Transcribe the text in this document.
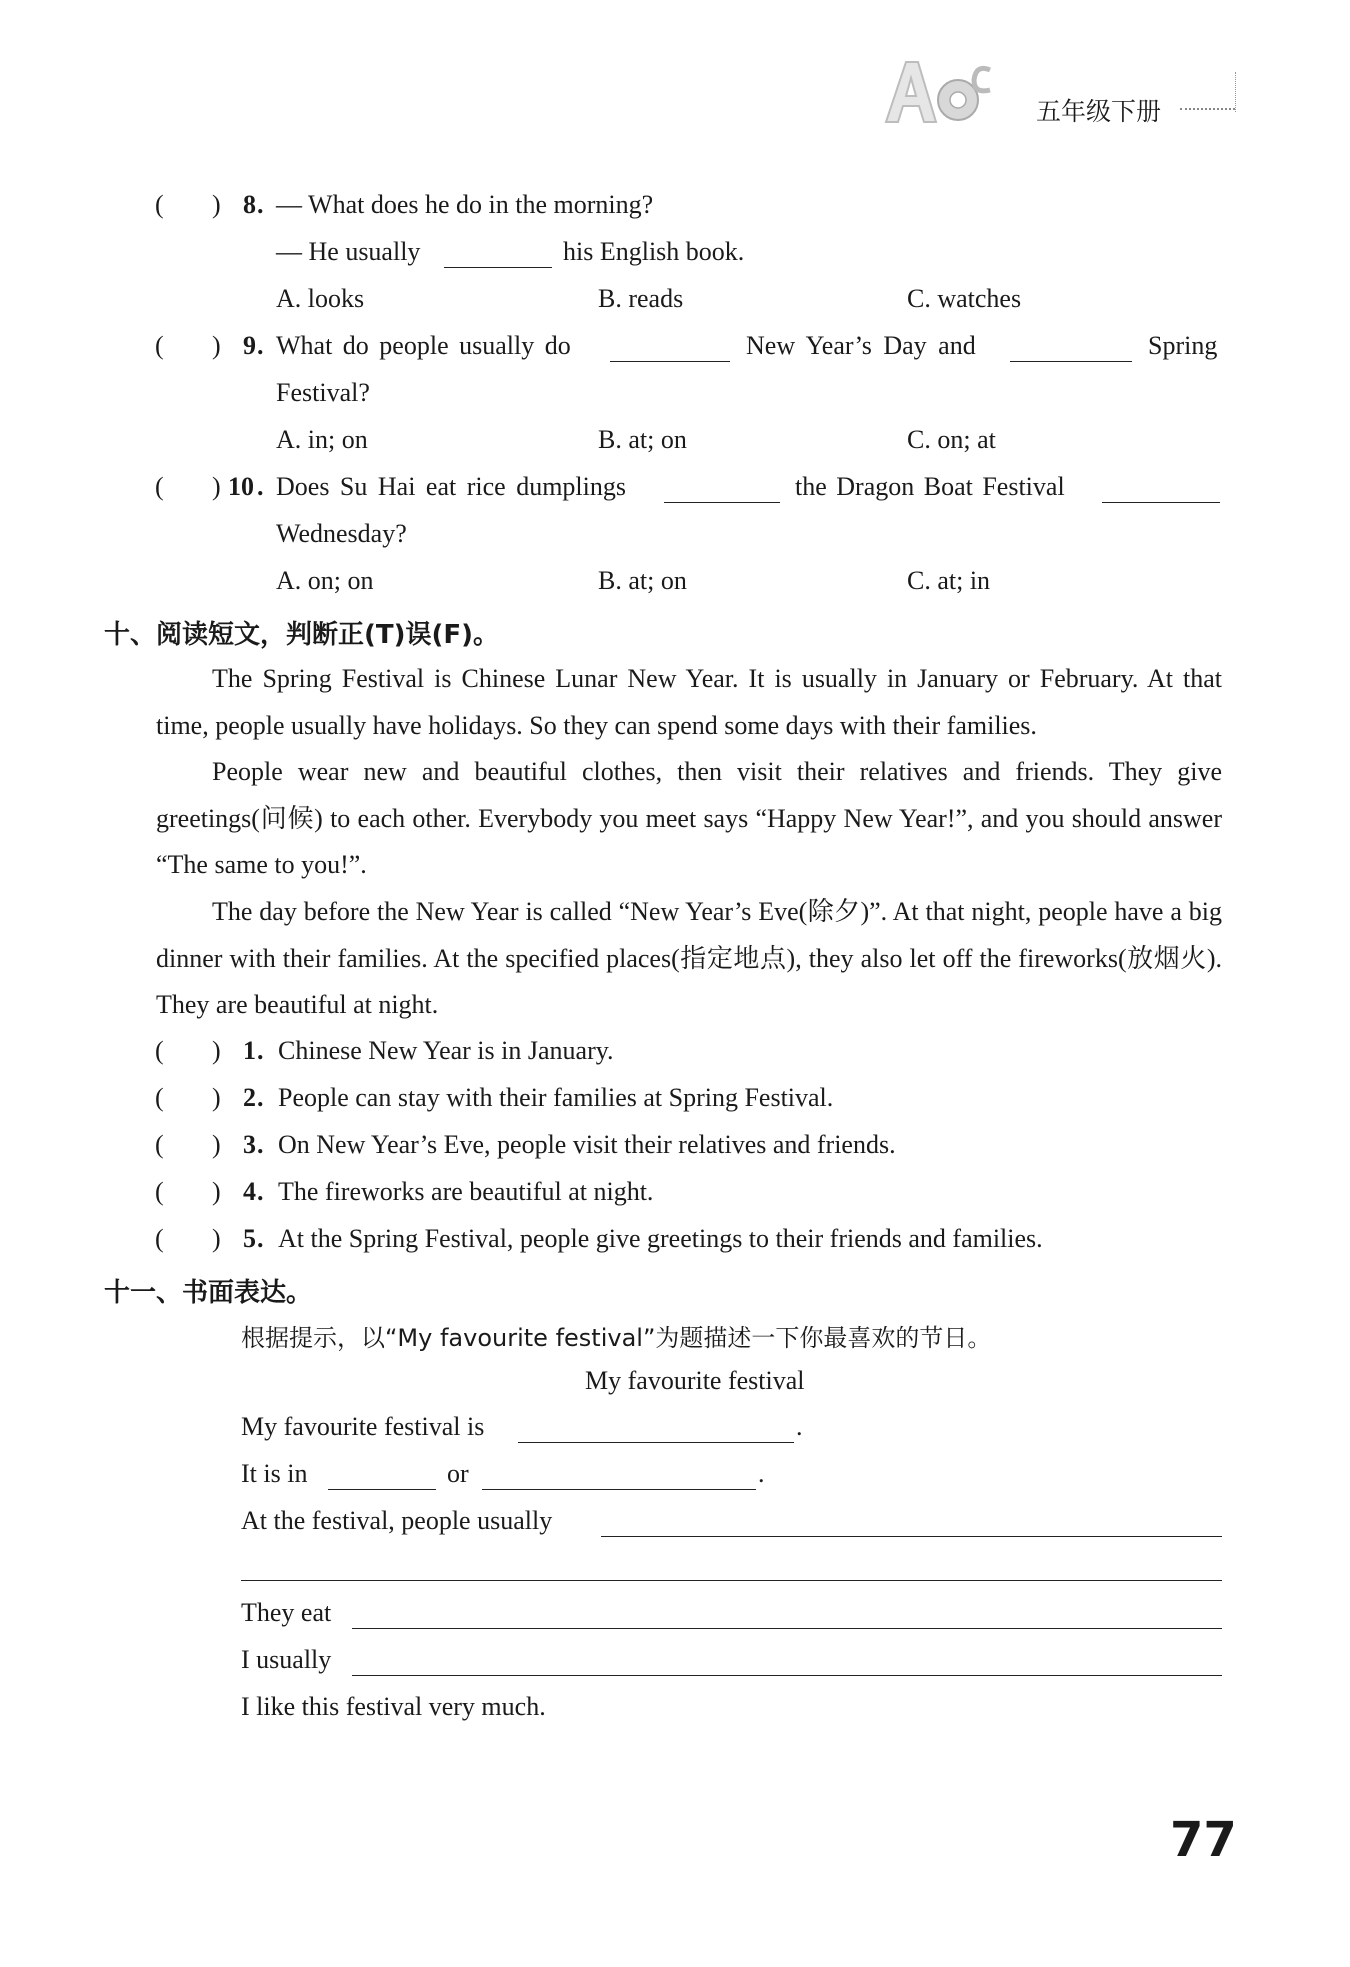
五年级下册
( ) 8 . — What does he do in the morning?
— He usually	his English book.
A. looks	B. reads	C. watches
( ) 9 . What do people usually do	New Year’s Day and	Spring
Festival?
A. in; on	B. at; on	C. on; at
( ) 10 . Does Su Hai eat rice dumplings	the Dragon Boat Festival
Wednesday?
A. on; on	B. at; on	C. at; in
十、阅读短文，判断正(T)误(F)。

The Spring Festival is Chinese Lunar New Year. It is usually in January or February. At that time, people usually have holidays. So they can spend some days with their families.

People wear new and beautiful clothes, then visit their relatives and friends. They give greetings(问候) to each other. Everybody you meet says “Happy New Year!”, and you should answer “The same to you!”.

The day before the New Year is called “New Year’s Eve(除夕)”. At that night, people have a big dinner with their families. At the specified places(指定地点), they also let off the fireworks(放烟火). They are beautiful at night.

( ) 1 . Chinese New Year is in January.
( ) 2 . People can stay with their families at Spring Festival.
( ) 3 . On New Year’s Eve, people visit their relatives and friends.
( ) 4 . The fireworks are beautiful at night.
( ) 5 . At the Spring Festival, people give greetings to their friends and families.
十一、书面表达。
根据提示，以“My favourite festival”为题描述一下你最喜欢的节日。
My favourite festival
My favourite festival is	.
It is in	or	.
At the festival, people usually
They eat
I usually
I like this festival very much.
77
